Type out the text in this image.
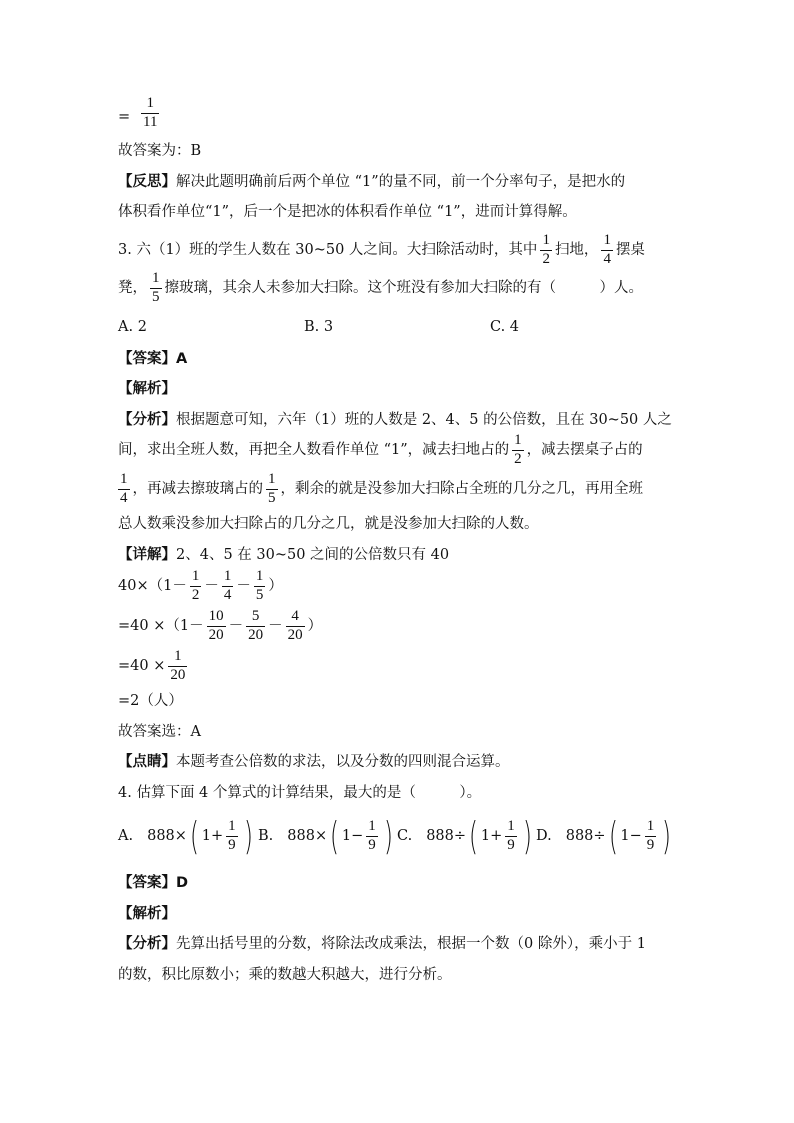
= $\frac{1}{11}$
故答案为：B
【反思】解决此题明确前后两个单位 “1”的量不同，前一个分率句子，是把水的
体积看作单位“1”，后一个是把冰的体积看作单位 “1”，进而计算得解。
3. 六（1）班的学生人数在 30~50 人之间。大扫除活动时，其中 $\frac{1}{2}$ 扫地， $\frac{1}{4}$ 摆桌
凳， $\frac{1}{5}$ 擦玻璃，其余人未参加大扫除。这个班没有参加大扫除的有（　　　）人。
A. 2	B. 3	C. 4
【答案】A
【解析】
【分析】根据题意可知，六年（1）班的人数是 2、4、5 的公倍数，且在 30~50 人之
间，求出全班人数，再把全人数看作单位 “1”，减去扫地占的 $\frac{1}{2}$ ，减去摆桌子占的
$\frac{1}{4}$ ，再减去擦玻璃占的 $\frac{1}{5}$ ，剩余的就是没参加大扫除占全班的几分之几，再用全班
总人数乘没参加大扫除占的几分之几，就是没参加大扫除的人数。
【详解】2、4、5 在 30~50 之间的公倍数只有 40
$40\times(1- \frac{1}{2} - \frac{1}{4} - \frac{1}{5}$ ）
$=40 \times(1- \frac{10}{20} - \frac{5}{20} - \frac{4}{20}$ ）
$=40 \times \frac{1}{20}$
=2（人）
故答案选：A
【点睛】本题考查公倍数的求法，以及分数的四则混合运算。
4. 估算下面 4 个算式的计算结果，最大的是（　　　）。
A. 888× ( $1+ \frac{1}{9}$ ) B. 888× ( $1- \frac{1}{9}$ ) C. 888÷ ( $1+ \frac{1}{9}$ ) D. 888÷ ( $1- \frac{1}{9}$ )
【答案】D
【解析】
【分析】先算出括号里的分数，将除法改成乘法，根据一个数（0 除外），乘小于 1
的数，积比原数小；乘的数越大积越大，进行分析。
